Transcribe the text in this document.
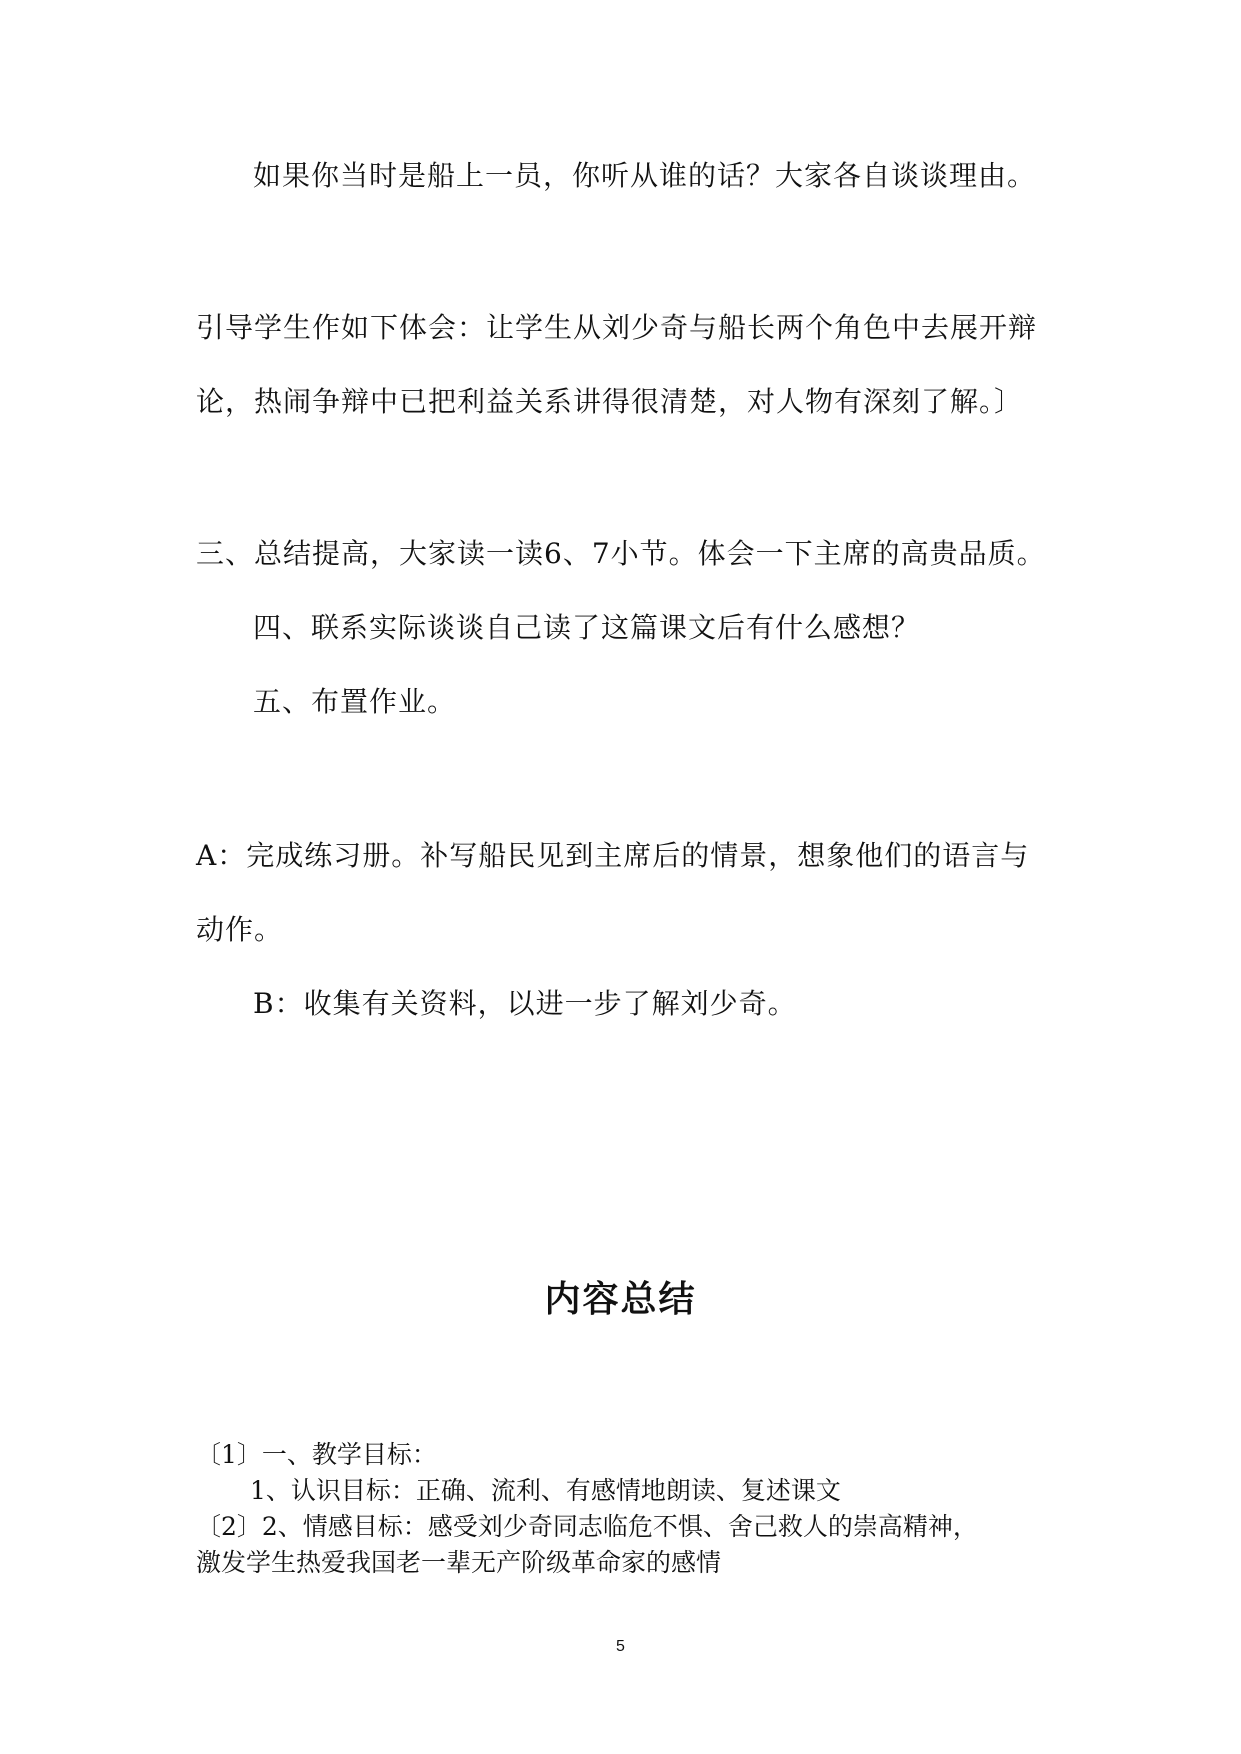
如果你当时是船上一员，你听从谁的话？大家各自谈谈理由。
引导学生作如下体会：让学生从刘少奇与船长两个角色中去展开辩
论，热闹争辩中已把利益关系讲得很清楚，对人物有深刻了解。〕
三、总结提高，大家读一读6、7小节。体会一下主席的高贵品质。
四、联系实际谈谈自己读了这篇课文后有什么感想？
五、布置作业。
A：完成练习册。补写船民见到主席后的情景，想象他们的语言与
动作。
B：收集有关资料，以进一步了解刘少奇。
内容总结
〔1〕一、教学目标：
1、认识目标：正确、流利、有感情地朗读、复述课文
〔2〕2、情感目标：感受刘少奇同志临危不惧、舍己救人的崇高精神，
激发学生热爱我国老一辈无产阶级革命家的感情
5
